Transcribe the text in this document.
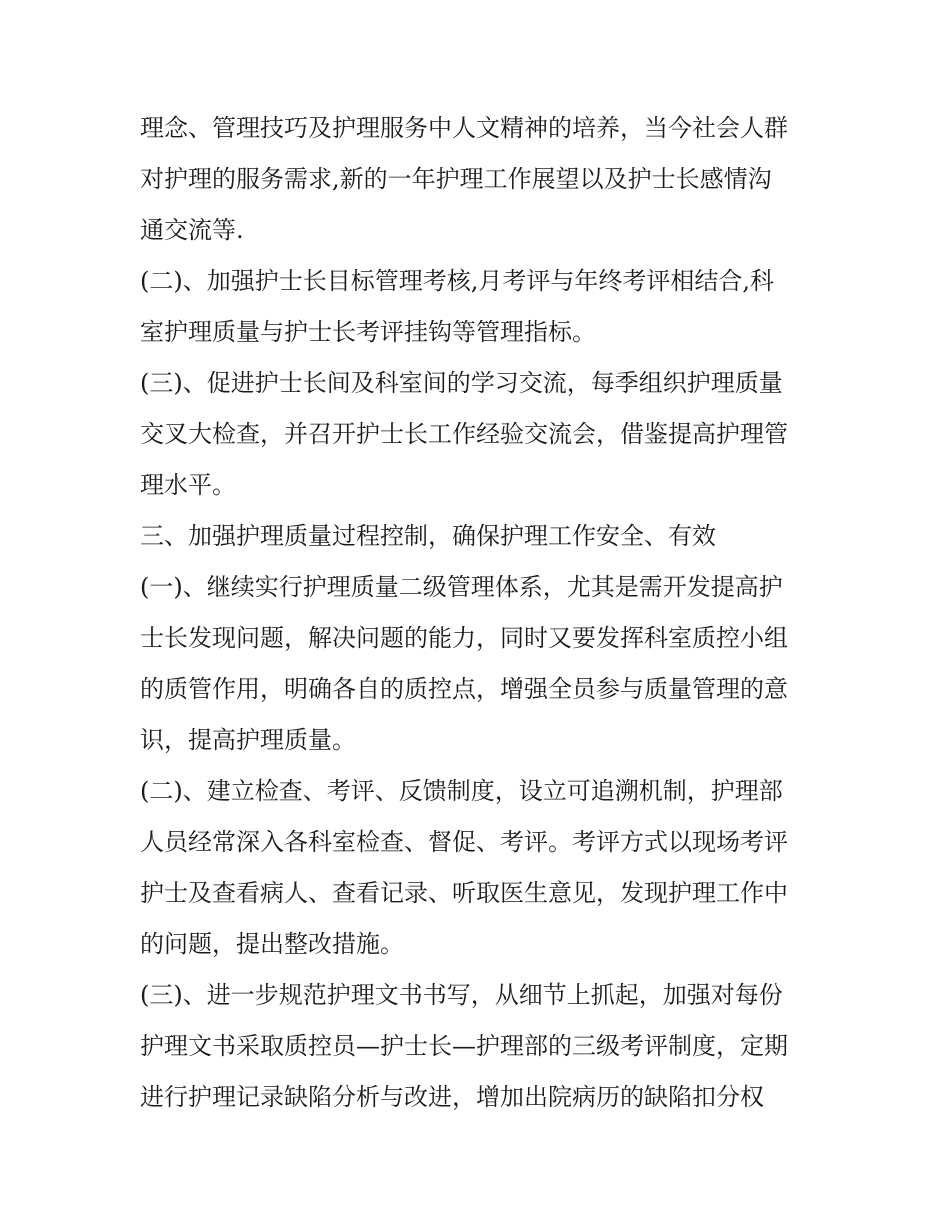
理念、管理技巧及护理服务中人文精神的培养，当今社会人群
对护理的服务需求,新的一年护理工作展望以及护士长感情沟
通交流等.
(二)、加强护士长目标管理考核,月考评与年终考评相结合,科
室护理质量与护士长考评挂钩等管理指标。
(三)、促进护士长间及科室间的学习交流，每季组织护理质量
交叉大检查，并召开护士长工作经验交流会，借鉴提高护理管
理水平。
三、加强护理质量过程控制，确保护理工作安全、有效
(一)、继续实行护理质量二级管理体系，尤其是需开发提高护
士长发现问题，解决问题的能力，同时又要发挥科室质控小组
的质管作用，明确各自的质控点，增强全员参与质量管理的意
识，提高护理质量。
(二)、建立检查、考评、反馈制度，设立可追溯机制，护理部
人员经常深入各科室检查、督促、考评。考评方式以现场考评
护士及查看病人、查看记录、听取医生意见，发现护理工作中
的问题，提出整改措施。
(三)、进一步规范护理文书书写，从细节上抓起，加强对每份
护理文书采取质控员—护士长—护理部的三级考评制度，定期
进行护理记录缺陷分析与改进，增加出院病历的缺陷扣分权
